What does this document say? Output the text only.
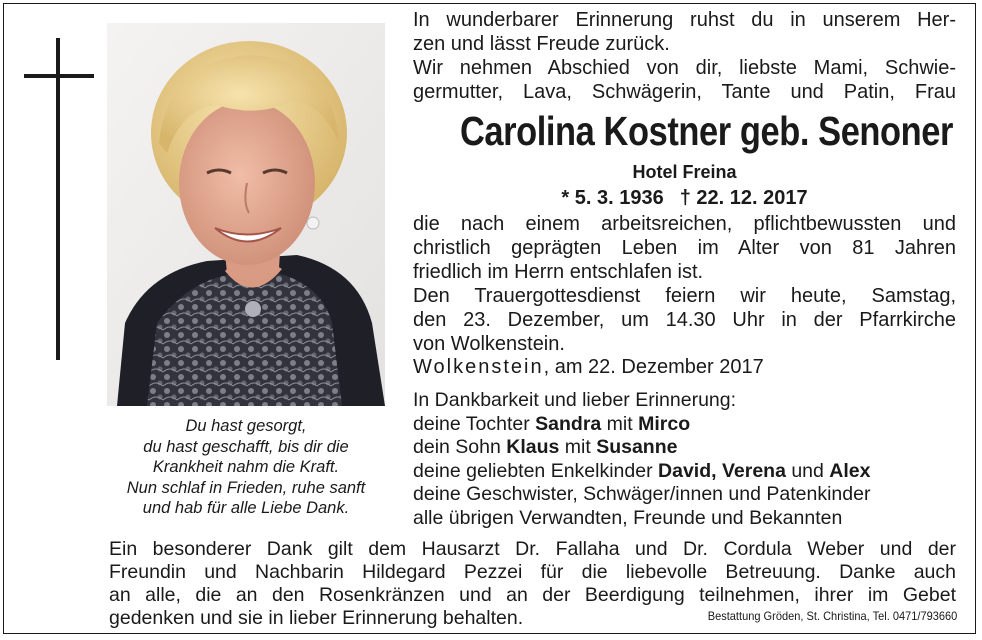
Du hast gesorgt,
du hast geschafft, bis dir die
Krankheit nahm die Kraft.
Nun schlaf in Frieden, ruhe sanft
und hab für alle Liebe Dank.
In wunderbarer Erinnerung ruhst du in unserem Her-
zen und lässt Freude zurück.
Wir nehmen Abschied von dir, liebste Mami, Schwie-
germutter, Lava, Schwägerin, Tante und Patin, Frau
Carolina Kostner geb. Senoner
Hotel Freina
* 5. 3. 1936 † 22. 12. 2017
die nach einem arbeitsreichen, pflichtbewussten und
christlich geprägten Leben im Alter von 81 Jahren
friedlich im Herrn entschlafen ist.
Den Trauergottesdienst feiern wir heute, Samstag,
den 23. Dezember, um 14.30 Uhr in der Pfarrkirche
von Wolkenstein.
Wolkenstein, am 22. Dezember 2017
In Dankbarkeit und lieber Erinnerung:
deine Tochter Sandra mit Mirco
dein Sohn Klaus mit Susanne
deine geliebten Enkelkinder David, Verena und Alex
deine Geschwister, Schwäger/innen und Patenkinder
alle übrigen Verwandten, Freunde und Bekannten
Ein besonderer Dank gilt dem Hausarzt Dr. Fallaha und Dr. Cordula Weber und der
Freundin und Nachbarin Hildegard Pezzei für die liebevolle Betreuung. Danke auch
an alle, die an den Rosenkränzen und an der Beerdigung teilnehmen, ihrer im Gebet
gedenken und sie in lieber Erinnerung behalten.	Bestattung Gröden, St. Christina, Tel. 0471/793660
